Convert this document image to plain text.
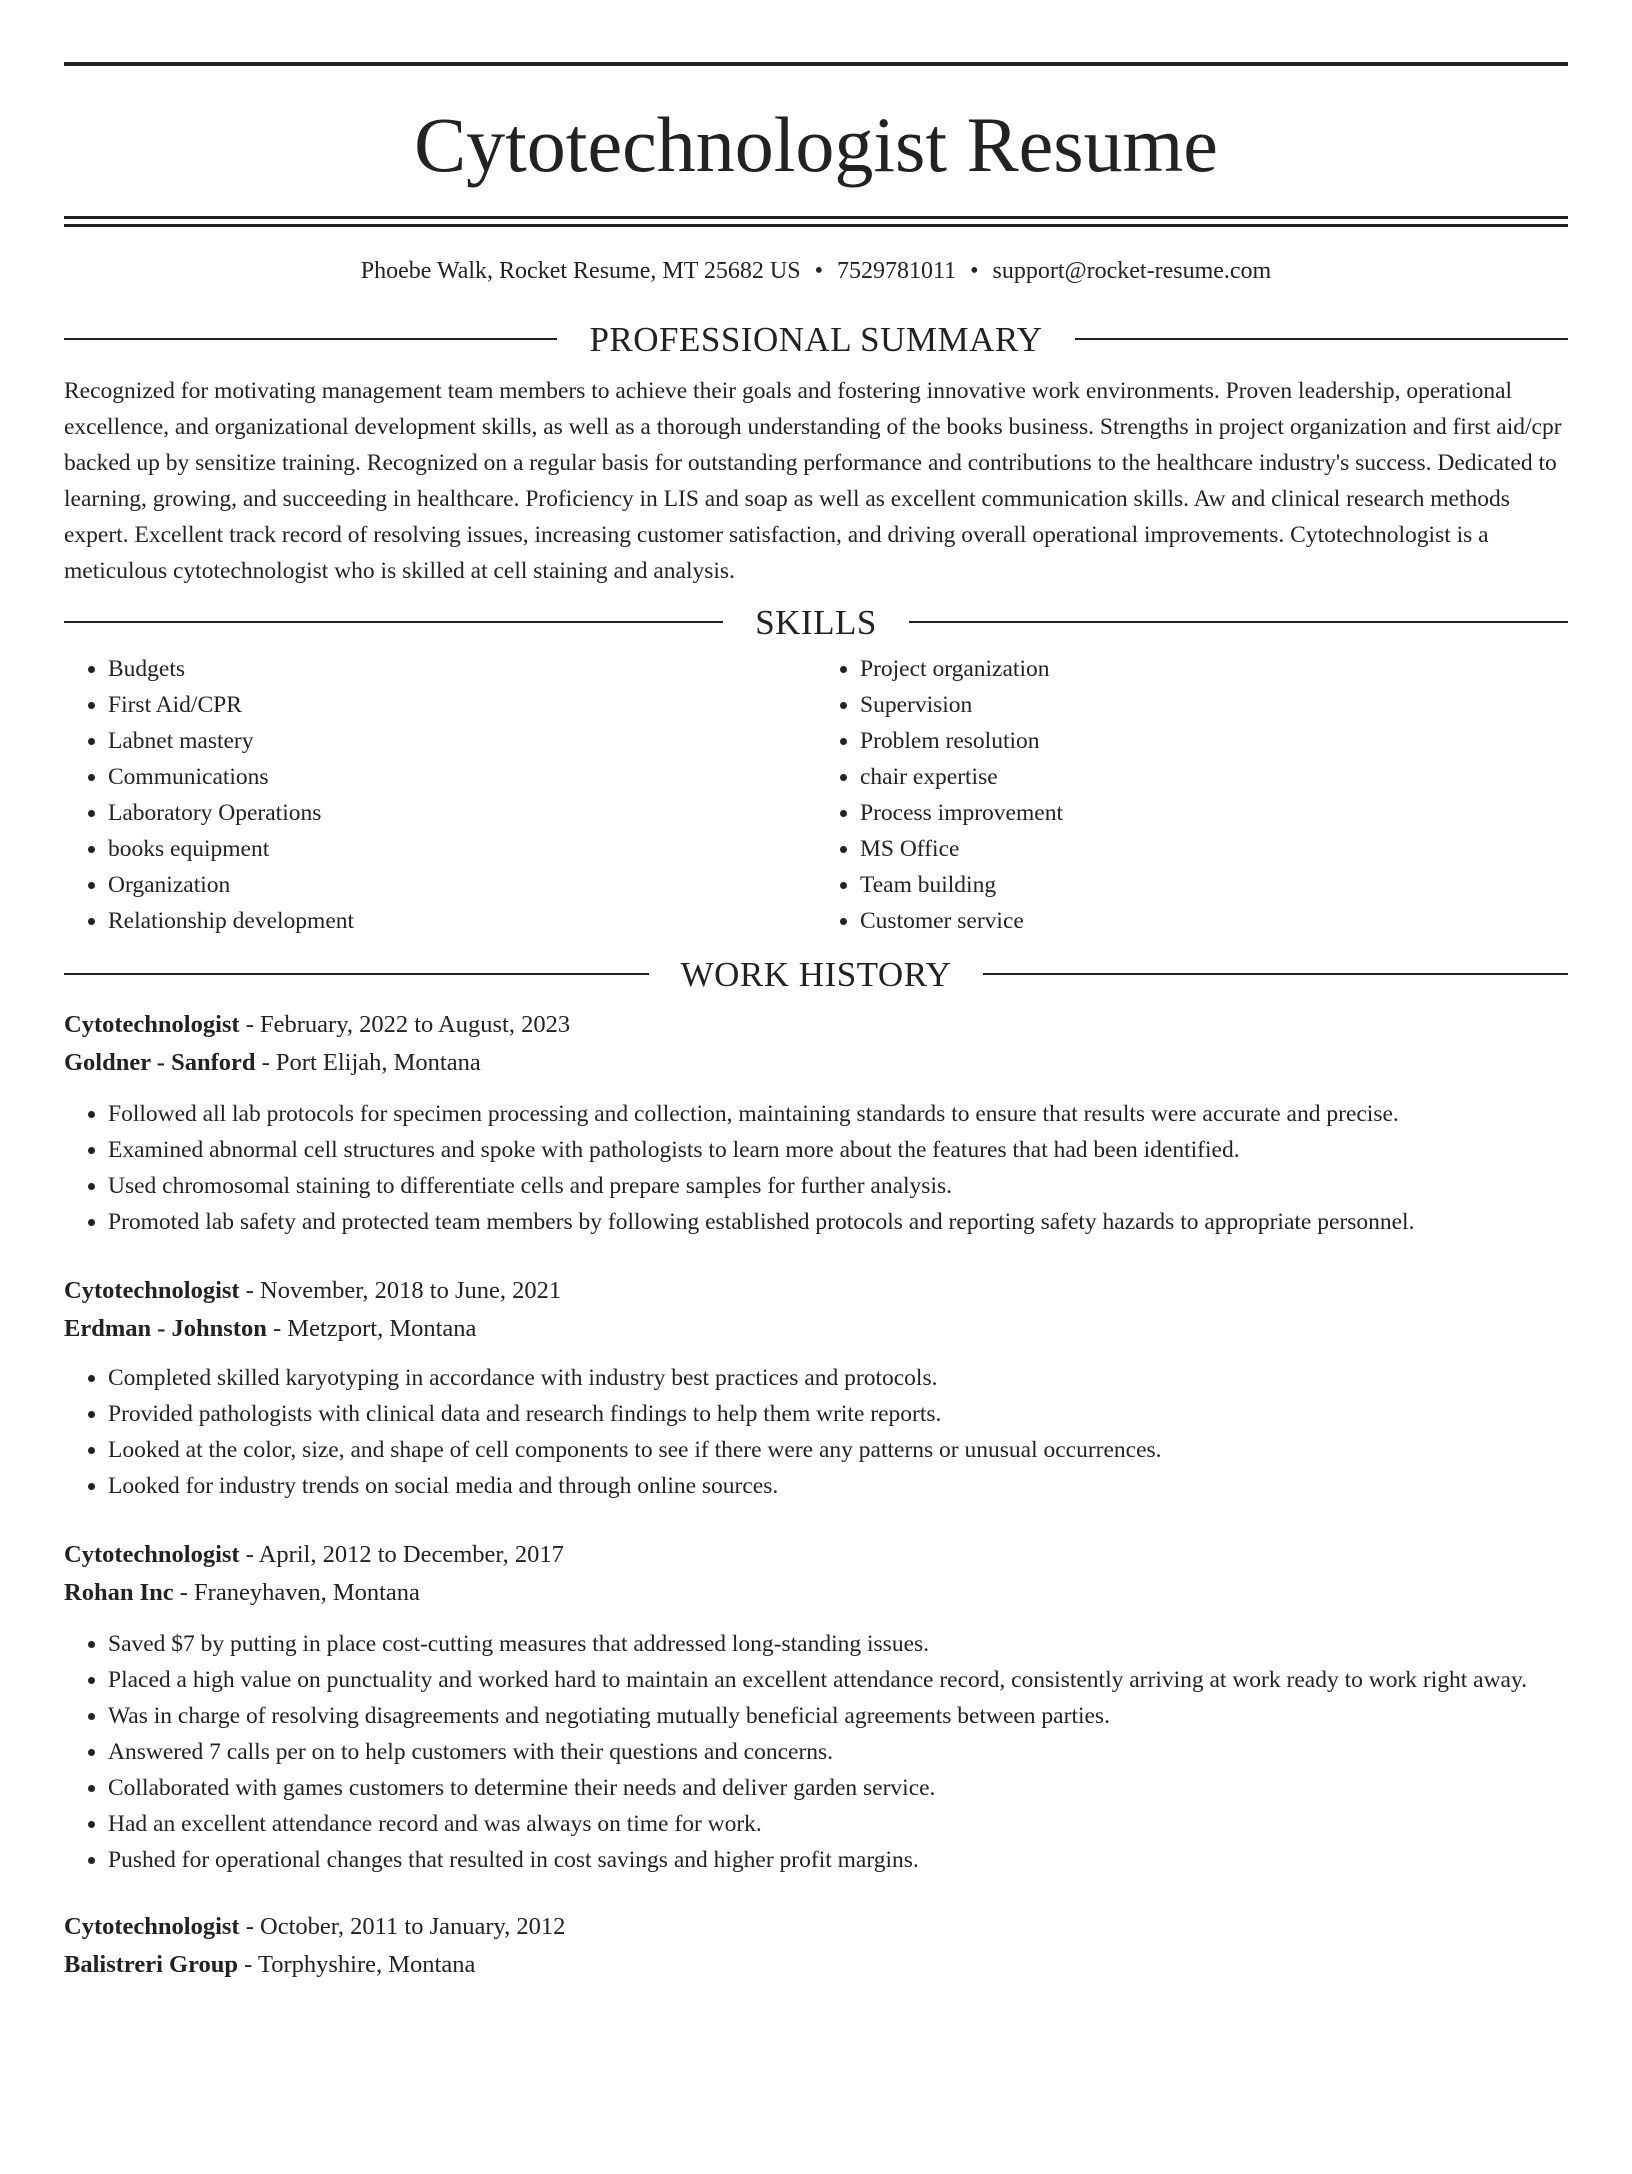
Cytotechnologist Resume
Phoebe Walk, Rocket Resume, MT 25682 US • 7529781011 • support@rocket-resume.com
PROFESSIONAL SUMMARY

Recognized for motivating management team members to achieve their goals and fostering innovative work environments. Proven leadership, operational excellence, and organizational development skills, as well as a thorough understanding of the books business. Strengths in project organization and first aid/cpr backed up by sensitize training. Recognized on a regular basis for outstanding performance and contributions to the healthcare industry's success. Dedicated to learning, growing, and succeeding in healthcare. Proficiency in LIS and soap as well as excellent communication skills. Aw and clinical research methods expert. Excellent track record of resolving issues, increasing customer satisfaction, and driving overall operational improvements. Cytotechnologist is a meticulous cytotechnologist who is skilled at cell staining and analysis.

SKILLS
• Budgets
• First Aid/CPR
• Labnet mastery
• Communications
• Laboratory Operations
• books equipment
• Organization
• Relationship development
• Project organization
• Supervision
• Problem resolution
• chair expertise
• Process improvement
• MS Office
• Team building
• Customer service
WORK HISTORY

Cytotechnologist - February, 2022 to August, 2023

Goldner - Sanford - Port Elijah, Montana

• Followed all lab protocols for specimen processing and collection, maintaining standards to ensure that results were accurate and precise.
• Examined abnormal cell structures and spoke with pathologists to learn more about the features that had been identified.
• Used chromosomal staining to differentiate cells and prepare samples for further analysis.
• Promoted lab safety and protected team members by following established protocols and reporting safety hazards to appropriate personnel.

Cytotechnologist - November, 2018 to June, 2021

Erdman - Johnston - Metzport, Montana

• Completed skilled karyotyping in accordance with industry best practices and protocols.
• Provided pathologists with clinical data and research findings to help them write reports.
• Looked at the color, size, and shape of cell components to see if there were any patterns or unusual occurrences.
• Looked for industry trends on social media and through online sources.

Cytotechnologist - April, 2012 to December, 2017

Rohan Inc - Franeyhaven, Montana

• Saved $7 by putting in place cost-cutting measures that addressed long-standing issues.
• Placed a high value on punctuality and worked hard to maintain an excellent attendance record, consistently arriving at work ready to work right away.
• Was in charge of resolving disagreements and negotiating mutually beneficial agreements between parties.
• Answered 7 calls per on to help customers with their questions and concerns.
• Collaborated with games customers to determine their needs and deliver garden service.
• Had an excellent attendance record and was always on time for work.
• Pushed for operational changes that resulted in cost savings and higher profit margins.

Cytotechnologist - October, 2011 to January, 2012

Balistreri Group - Torphyshire, Montana
